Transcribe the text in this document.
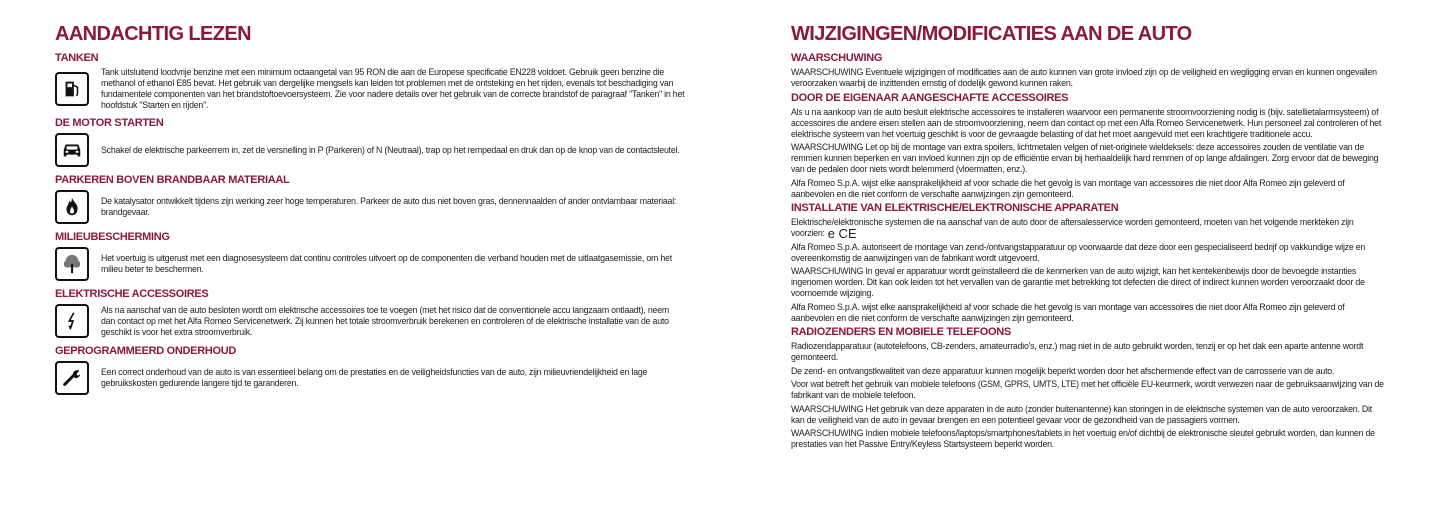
AANDACHTIG LEZEN
TANKEN

Tank uitsluitend loodvrije benzine met een minimum octaangetal van 95 RON die aan de Europese specificatie EN228 voldoet. Gebruik geen benzine die methanol of ethanol E85 bevat. Het gebruik van dergelijke mengsels kan leiden tot problemen met de ontsteking en het rijden, evenals tot beschadiging van fundamentele componenten van het brandstoftoevoersysteem. Zie voor nadere details over het gebruik van de correcte brandstof de paragraaf "Tanken" in het hoofdstuk "Starten en rijden".

DE MOTOR STARTEN

Schakel de elektrische parkeerrem in, zet de versnelling in P (Parkeren) of N (Neutraal), trap op het rempedaal en druk dan op de knop van de contactsleutel.

PARKEREN BOVEN BRANDBAAR MATERIAAL

De katalysator ontwikkelt tijdens zijn werking zeer hoge temperaturen. Parkeer de auto dus niet boven gras, dennennaalden of ander ontvlambaar materiaal: brandgevaar.

MILIEUBESCHERMING

Het voertuig is uitgerust met een diagnosesysteem dat continu controles uitvoert op de componenten die verband houden met de uitlaatgasemissie, om het milieu beter te beschermen.

ELEKTRISCHE ACCESSOIRES

Als na aanschaf van de auto besloten wordt om elektrische accessoires toe te voegen (met het risico dat de conventionele accu langzaam ontlaadt), neem dan contact op met het Alfa Romeo Servicenetwerk. Zij kunnen het totale stroomverbruik berekenen en controleren of de elektrische installatie van de auto geschikt is voor het extra stroomverbruik.

GEPROGRAMMEERD ONDERHOUD

Een correct onderhoud van de auto is van essentieel belang om de prestaties en de veiligheidsfuncties van de auto, zijn milieuvriendelijkheid en lage gebruikskosten gedurende langere tijd te garanderen.

WIJZIGINGEN/MODIFICATIES AAN DE AUTO
WAARSCHUWING

WAARSCHUWING Eventuele wijzigingen of modificaties aan de auto kunnen van grote invloed zijn op de veiligheid en wegligging ervan en kunnen ongevallen veroorzaken waarbij de inzittenden ernstig of dodelijk gewond kunnen raken.

DOOR DE EIGENAAR AANGESCHAFTE ACCESSOIRES

Als u na aankoop van de auto besluit elektrische accessoires te installeren waarvoor een permanente stroomvoorziening nodig is (bijv. satellietalarmsysteem) of accessoires die andere eisen stellen aan de stroomvoorziening, neem dan contact op met een Alfa Romeo Servicenetwerk. Hun personeel zal controleren of het elektrische systeem van het voertuig geschikt is voor de gevraagde belasting of dat het moet aangevuld met een krachtigere traditionele accu.

WAARSCHUWING Let op bij de montage van extra spoilers, lichtmetalen velgen of niet-originele wieldeksels: deze accessoires zouden de ventilatie van de remmen kunnen beperken en van invloed kunnen zijn op de efficiëntie ervan bij herhaaldelijk hard remmen of op lange afdalingen. Zorg ervoor dat de beweging van de pedalen door niets wordt belemmerd (vloermatten, enz.).

Alfa Romeo S.p.A. wijst elke aansprakelijkheid af voor schade die het gevolg is van montage van accessoires die niet door Alfa Romeo zijn geleverd of aanbevolen en die niet conform de verschafte aanwijzingen zijn gemonteerd.

INSTALLATIE VAN ELEKTRISCHE/ELEKTRONISCHE APPARATEN

Elektrische/elektronische systemen die na aanschaf van de auto door de aftersalesservice worden gemonteerd, moeten van het volgende merkteken zijn voorzien: e CE

Alfa Romeo S.p.A. autoriseert de montage van zend-/ontvangstapparatuur op voorwaarde dat deze door een gespecialiseerd bedrijf op vakkundige wijze en overeenkomstig de aanwijzingen van de fabrikant wordt uitgevoerd.

WAARSCHUWING In geval er apparatuur wordt geïnstalleerd die de kenmerken van de auto wijzigt, kan het kentekenbewijs door de bevoegde instanties ingenomen worden. Dit kan ook leiden tot het vervallen van de garantie met betrekking tot defecten die direct of indirect kunnen worden veroorzaakt door de voornoemde wijziging.

Alfa Romeo S.p.A. wijst elke aansprakelijkheid af voor schade die het gevolg is van montage van accessoires die niet door Alfa Romeo zijn geleverd of aanbevolen en die niet conform de verschafte aanwijzingen zijn gemonteerd.

RADIOZENDERS EN MOBIELE TELEFOONS

Radiozendapparatuur (autotelefoons, CB-zenders, amateurradio's, enz.) mag niet in de auto gebruikt worden, tenzij er op het dak een aparte antenne wordt gemonteerd.

De zend- en ontvangstkwaliteit van deze apparatuur kunnen mogelijk beperkt worden door het afschermende effect van de carrosserie van de auto.

Voor wat betreft het gebruik van mobiele telefoons (GSM, GPRS, UMTS, LTE) met het officiële EU-keurmerk, wordt verwezen naar de gebruiksaanwijzing van de fabrikant van de mobiele telefoon.

WAARSCHUWING Het gebruik van deze apparaten in de auto (zonder buitenantenne) kan storingen in de elektrische systemen van de auto veroorzaken. Dit kan de veiligheid van de auto in gevaar brengen en een potentieel gevaar voor de gezondheid van de passagiers vormen.

WAARSCHUWING Indien mobiele telefoons/laptops/smartphones/tablets in het voertuig en/of dichtbij de elektronische sleutel gebruikt worden, dan kunnen de prestaties van het Passive Entry/Keyless Startsysteem beperkt worden.
